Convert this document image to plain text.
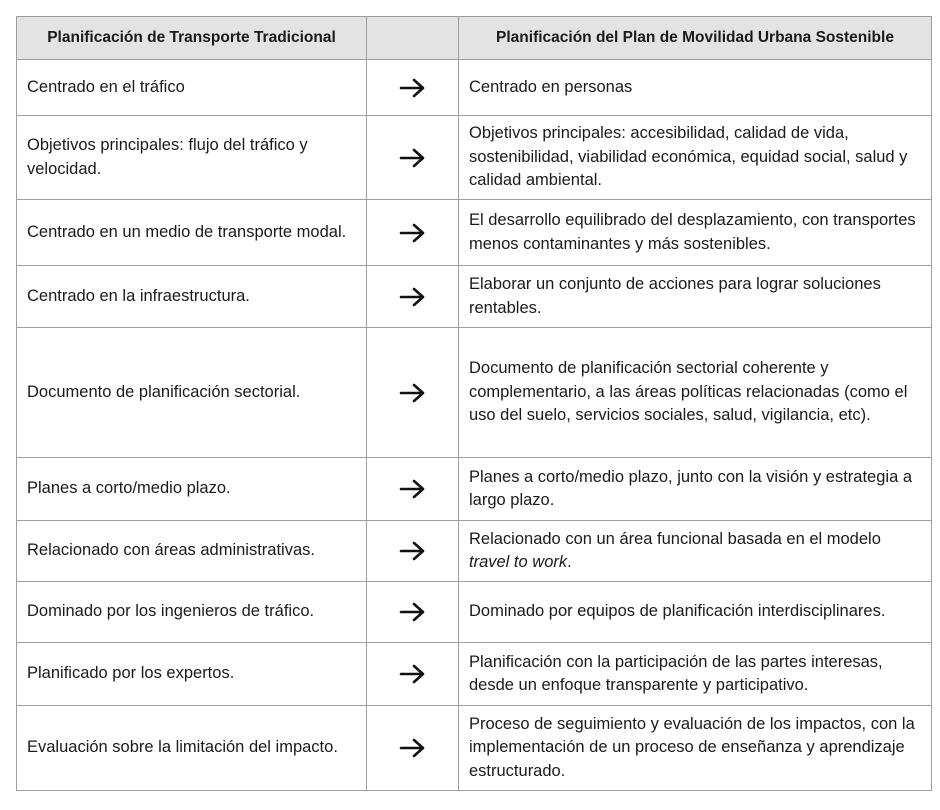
Planificación de Transporte Tradicional		Planificación del Plan de Movilidad Urbana Sostenible
Centrado en el tráfico		Centrado en personas
Objetivos principales: flujo del tráfico y velocidad.		Objetivos principales: accesibilidad, calidad de vida, sostenibilidad, viabilidad económica, equidad social, salud y calidad ambiental.
Centrado en un medio de transporte modal.		El desarrollo equilibrado del desplazamiento, con transportes menos contaminantes y más sostenibles.
Centrado en la infraestructura.		Elaborar un conjunto de acciones para lograr soluciones rentables.
Documento de planificación sectorial.		Documento de planificación sectorial coherente y complementario, a las áreas políticas relacionadas (como el uso del suelo, servicios sociales, salud, vigilancia, etc).
Planes a corto/medio plazo.		Planes a corto/medio plazo, junto con la visión y estrategia a largo plazo.
Relacionado con áreas administrativas.		Relacionado con un área funcional basada en el modelo travel to work.
Dominado por los ingenieros de tráfico.		Dominado por equipos de planificación interdisciplinares.
Planificado por los expertos.		Planificación con la participación de las partes interesas, desde un enfoque transparente y participativo.
Evaluación sobre la limitación del impacto.		Proceso de seguimiento y evaluación de los impactos, con la implementación de un proceso de enseñanza y aprendizaje estructurado.
